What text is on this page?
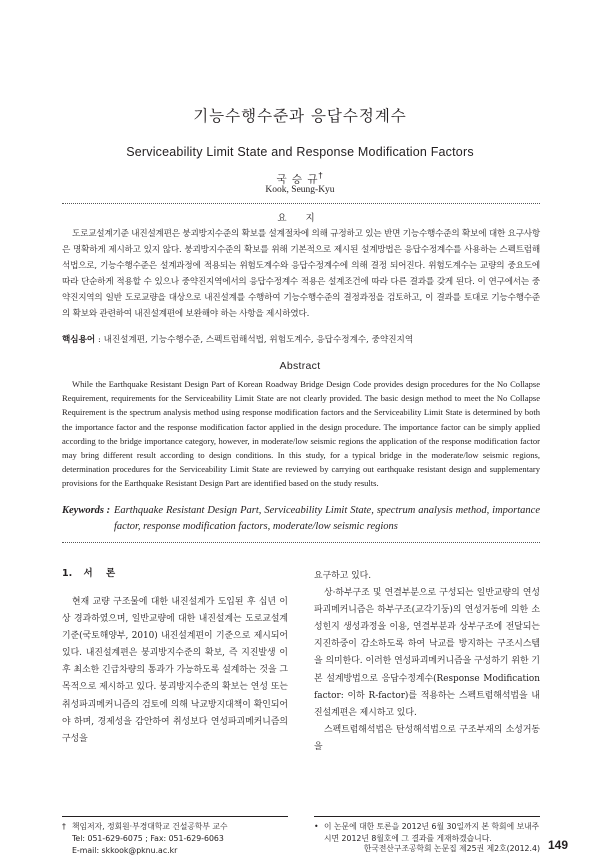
기능수행수준과 응답수정계수
Serviceability Limit State and Response Modification Factors
국 승 규†
Kook, Seung-Kyu
요 지

도로교설계기준 내진설계편은 붕괴방지수준의 확보를 설계절차에 의해 규정하고 있는 반면 기능수행수준의 확보에 대한 요구사항은 명확하게 제시하고 있지 않다. 붕괴방지수준의 확보를 위해 기본적으로 제시된 설계방법은 응답수정계수를 사용하는 스펙트럼해석법으로, 기능수행수준은 설계과정에 적용되는 위험도계수와 응답수정계수에 의해 결정 되어진다. 위험도계수는 교량의 중요도에 따라 단순하게 적용할 수 있으나 중약진지역에서의 응답수정계수 적용은 설계조건에 따라 다른 결과를 갖게 된다. 이 연구에서는 중약진지역의 일반 도로교량을 대상으로 내진설계를 수행하여 기능수행수준의 결정과정을 검토하고, 이 결과를 토대로 기능수행수준의 확보와 관련하여 내진설계편에 보완해야 하는 사항을 제시하였다.

핵심용어 : 내진설계편, 기능수행수준, 스펙트럼해석법, 위험도계수, 응답수정계수, 중약진지역
Abstract

While the Earthquake Resistant Design Part of Korean Roadway Bridge Design Code provides design procedures for the No Collapse Requirement, requirements for the Serviceability Limit State are not clearly provided. The basic design method to meet the No Collapse Requirement is the spectrum analysis method using response modification factors and the Serviceability Limit State is determined by both the importance factor and the response modification factor applied in the design procedure. The importance factor can be simply applied according to the bridge importance category, however, in moderate/low seismic regions the application of the response modification factor may bring different result according to design conditions. In this study, for a typical bridge in the moderate/low seismic regions, determination procedures for the Serviceability Limit State are reviewed by carrying out earthquake resistant design and supplementary provisions for the Earthquake Resistant Design Part are identified based on the study results.

Keywords : Earthquake Resistant Design Part, Serviceability Limit State, spectrum analysis method, importance factor, response modification factors, moderate/low seismic regions
1. 서    론

현재 교량 구조물에 대한 내진설계가 도입된 후 십년 이상 경과하였으며, 일반교량에 대한 내진설계는 도로교설계기준(국토해양부, 2010) 내진설계편이 기준으로 제시되어 있다. 내진설계편은 붕괴방지수준의 확보, 즉 지진발생 이후 최소한 긴급차량의 통과가 가능하도록 설계하는 것을 그 목적으로 제시하고 있다. 붕괴방지수준의 확보는 연성 또는 취성파괴메커니즘의 검토에 의해 낙교방지대책이 확인되어야 하며, 경제성을 감안하여 취성보다 연성파괴메커니즘의 구성을

요구하고 있다.

상·하부구조 및 연결부분으로 구성되는 일반교량의 연성파괴메커니즘은 하부구조(교각기둥)의 연성거동에 의한 소성힌지 생성과정을 이용, 연결부분과 상부구조에 전달되는 지진하중이 감소하도록 하여 낙교를 방지하는 구조시스템을 의미한다. 이러한 연성파괴메커니즘을 구성하기 위한 기본 설계방법으로 응답수정계수(Response Modification factor: 이하 R-factor)를 적용하는 스펙트럼해석법을 내진설계편은 제시하고 있다.

스펙트럼해석법은 탄성해석법으로 구조부재의 소성거동을

† 책임저자, 정회원·부경대학교 건설공학부 교수
Tel: 051-629-6075 ; Fax: 051-629-6063
E-mail: skkook@pknu.ac.kr
• 이 논문에 대한 토론을 2012년 6월 30일까지 본 학회에 보내주시면 2012년 8월호에 그 결과를 게재하겠습니다.
한국전산구조공학회 논문집 제25권 제2호(2012.4) 149
